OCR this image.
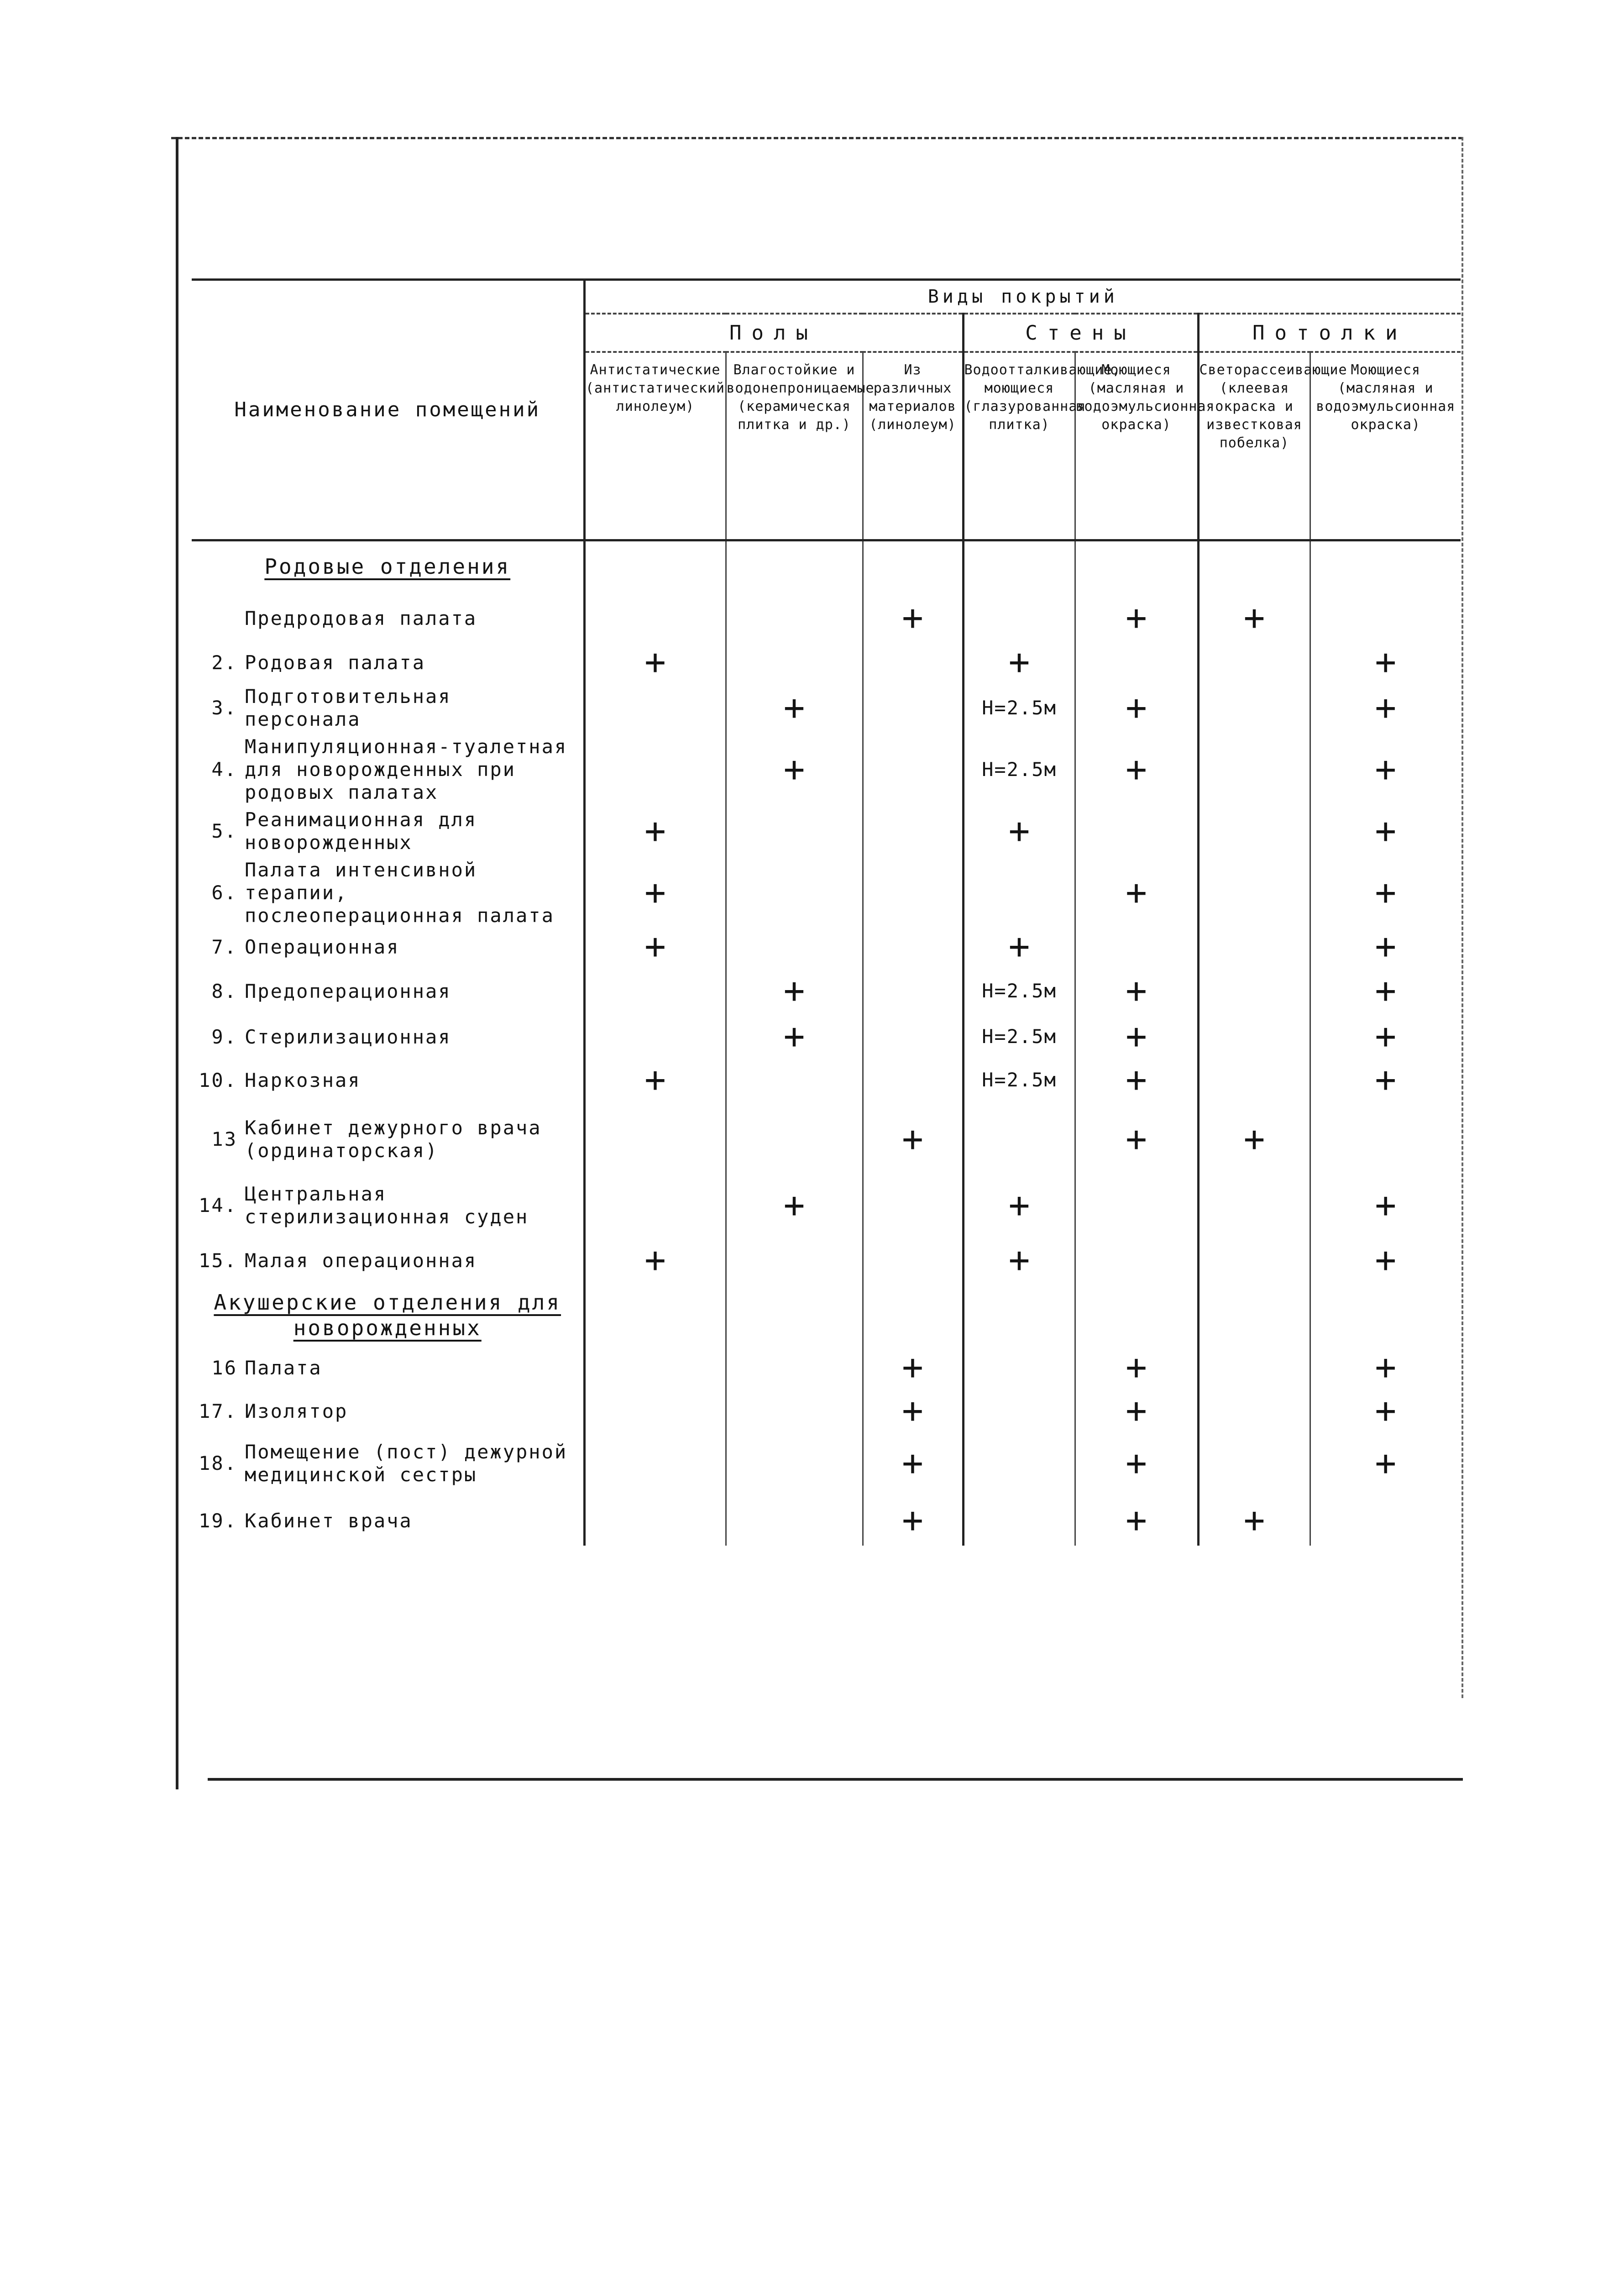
Наименование помещений	Виды покрытий						
	Полы			Стены		Потолки	
	Антистатические (антистатический линолеум)	Влагостойкие и водонепроницаемые (керамическая плитка и др.)	Из различных материалов (линолеум)	Водоотталкивающие, моющиеся (глазурованная плитка)	Моющиеся (масляная и водоэмульсионная окраска)	Светорассеивающие (клеевая окраска и известковая побелка)	Моющиеся (масляная и водоэмульсионная окраска)
Родовые отделения							
Предродовая палата			+		+	+	
2. Родовая палата	+			+			+
3.Подготовительная персонала		+		Н=2.5м	+		+
4.Манипуляционная-туалетная для новорожденных при родовых палатах		+		Н=2.5м	+		+
5.Реанимационная для новорожденных	+			+			+
6.Палата интенсивной терапии, послеоперационная палата	+				+		+
7. Операционная	+			+			+
8. Предоперационная		+		Н=2.5м	+		+
9. Стерилизационная		+		Н=2.5м	+		+
10. Наркозная	+			Н=2.5м	+		+
13Кабинет дежурного врача (ординаторская)			+		+	+	
14.Центральная стерилизационная суден		+		+			+
15. Малая операционная	+			+			+
Акушерские отделения для новорожденных							
16 Палата			+		+		+
17. Изолятор			+		+		+
18.Помещение (пост) дежурной медицинской сестры			+		+		+
19. Кабинет врача			+		+	+	
